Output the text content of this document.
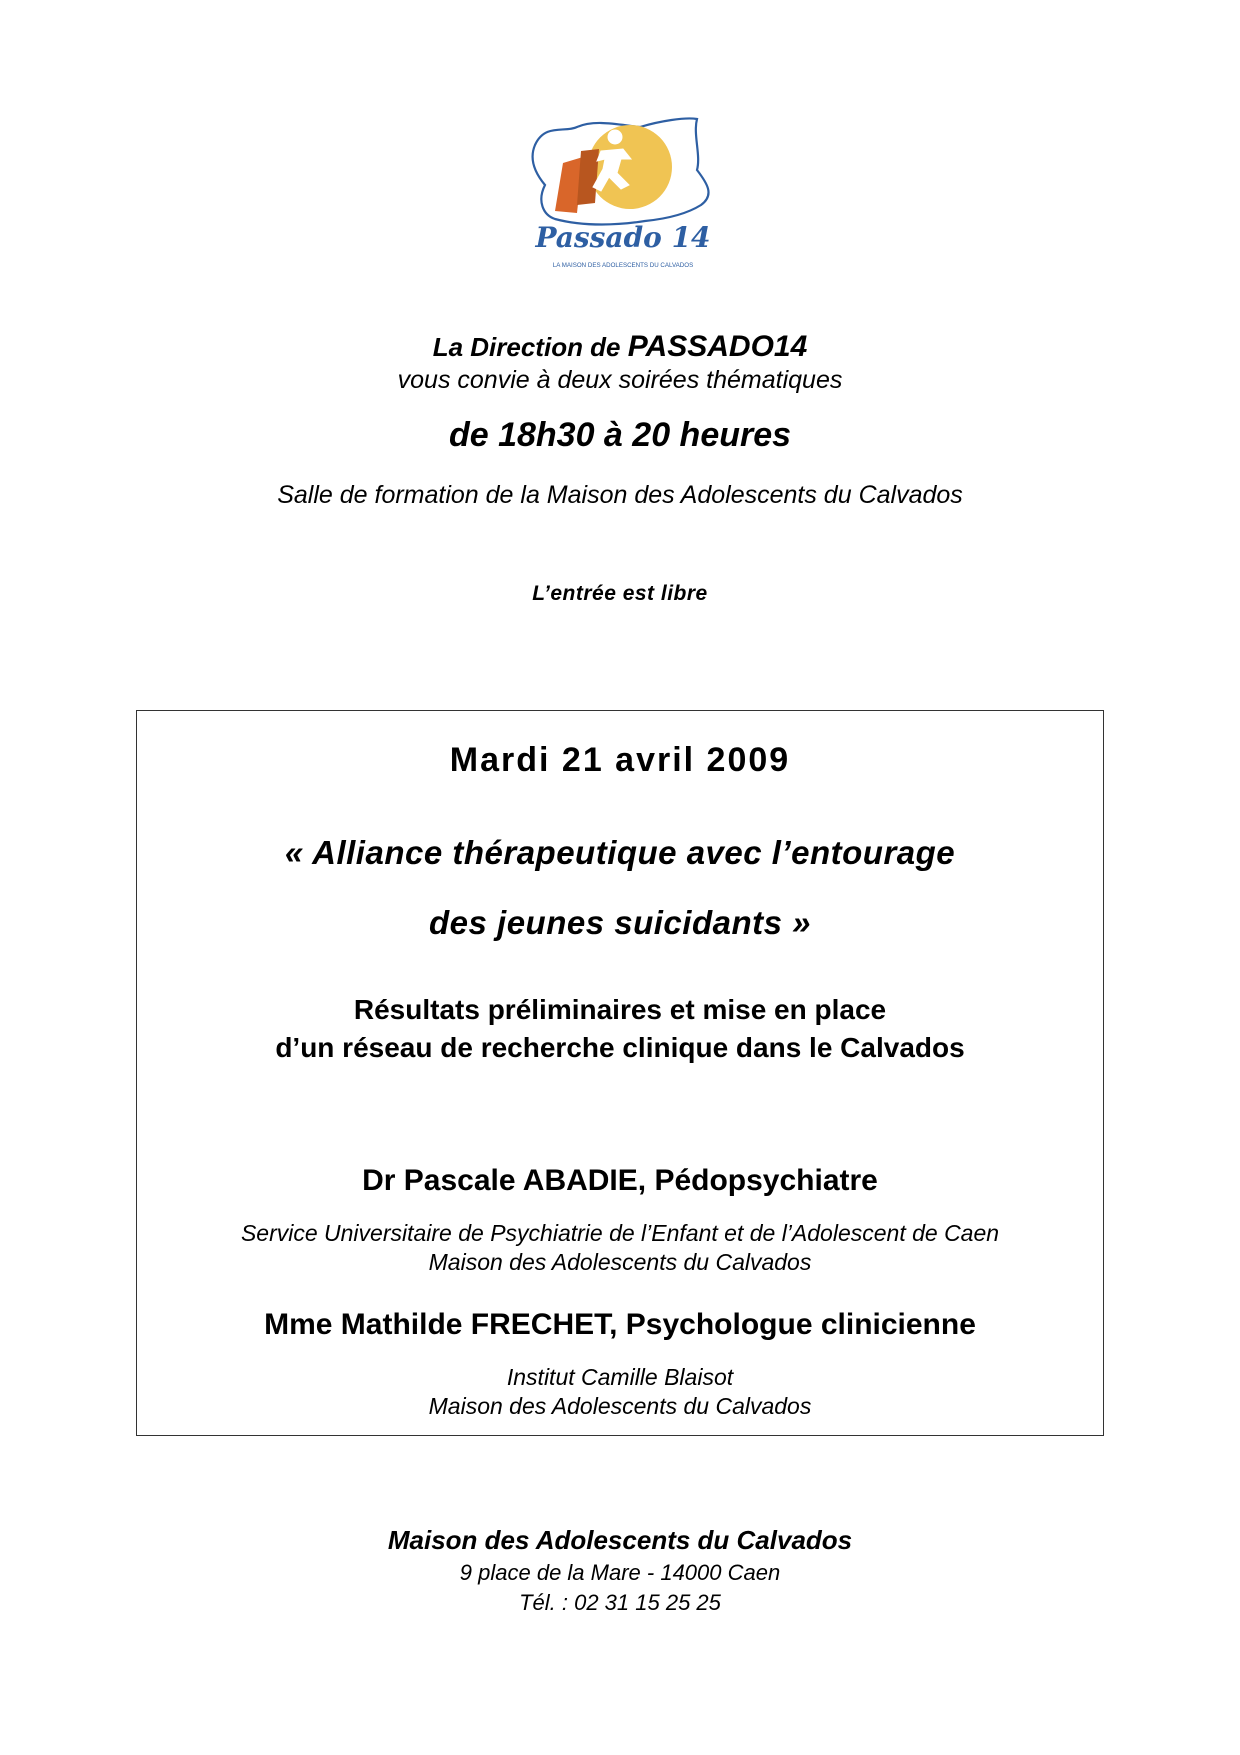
Passado 14
LA MAISON DES ADOLESCENTS DU CALVADOS
La Direction de PASSADO14
vous convie à deux soirées thématiques
de 18h30 à 20 heures
Salle de formation de la Maison des Adolescents du Calvados
L’entrée est libre
Mardi 21 avril 2009
« Alliance thérapeutique avec l’entourage
des jeunes suicidants »
Résultats préliminaires et mise en place
d’un réseau de recherche clinique dans le Calvados
Dr Pascale ABADIE, Pédopsychiatre
Service Universitaire de Psychiatrie de l’Enfant et de l’Adolescent de Caen
Maison des Adolescents du Calvados
Mme Mathilde FRECHET, Psychologue clinicienne
Institut Camille Blaisot
Maison des Adolescents du Calvados
Maison des Adolescents du Calvados
9 place de la Mare - 14000 Caen
Tél. : 02 31 15 25 25
